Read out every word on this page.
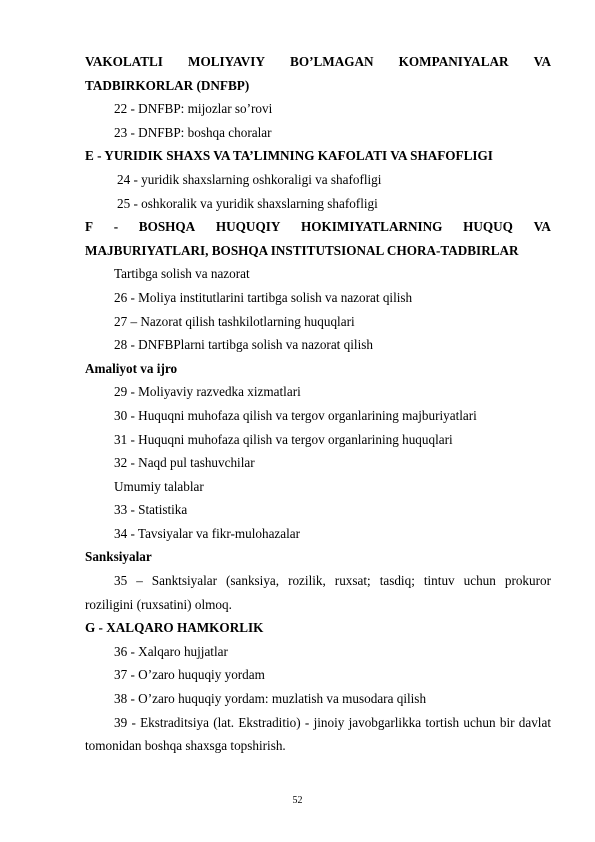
VAKOLATLI MOLIYAVIY BO’LMAGAN KOMPANIYALAR VA
TADBIRKORLAR (DNFBP)
22 - DNFBP: mijozlar so’rovi
23 - DNFBP: boshqa choralar
E - YURIDIK SHAXS VA TA’LIMNING KAFOLATI VA SHAFOFLIGI
24 - yuridik shaxslarning oshkoraligi va shafofligi
25 - oshkoralik va yuridik shaxslarning shafofligi
F - BOSHQA HUQUQIY HOKIMIYATLARNING HUQUQ VA
MAJBURIYATLARI, BOSHQA INSTITUTSIONAL CHORA-TADBIRLAR
Tartibga solish va nazorat
26 - Moliya institutlarini tartibga solish va nazorat qilish
27 – Nazorat qilish tashkilotlarning huquqlari
28 - DNFBPlarni tartibga solish va nazorat qilish
Amaliyot va ijro
29 - Moliyaviy razvedka xizmatlari
30 - Huquqni muhofaza qilish va tergov organlarining majburiyatlari
31 - Huquqni muhofaza qilish va tergov organlarining huquqlari
32 - Naqd pul tashuvchilar
Umumiy talablar
33 - Statistika
34 - Tavsiyalar va fikr-mulohazalar
Sanksiyalar
35 – Sanktsiyalar (sanksiya, rozilik, ruxsat; tasdiq; tintuv uchun prokuror roziligini (ruxsatini) olmoq.
G - XALQARO HAMKORLIK
36 - Xalqaro hujjatlar
37 - O’zaro huquqiy yordam
38 - O’zaro huquqiy yordam: muzlatish va musodara qilish
39 - Ekstraditsiya (lat. Ekstraditio) - jinoiy javobgarlikka tortish uchun bir davlat tomonidan boshqa shaxsga topshirish.
52
